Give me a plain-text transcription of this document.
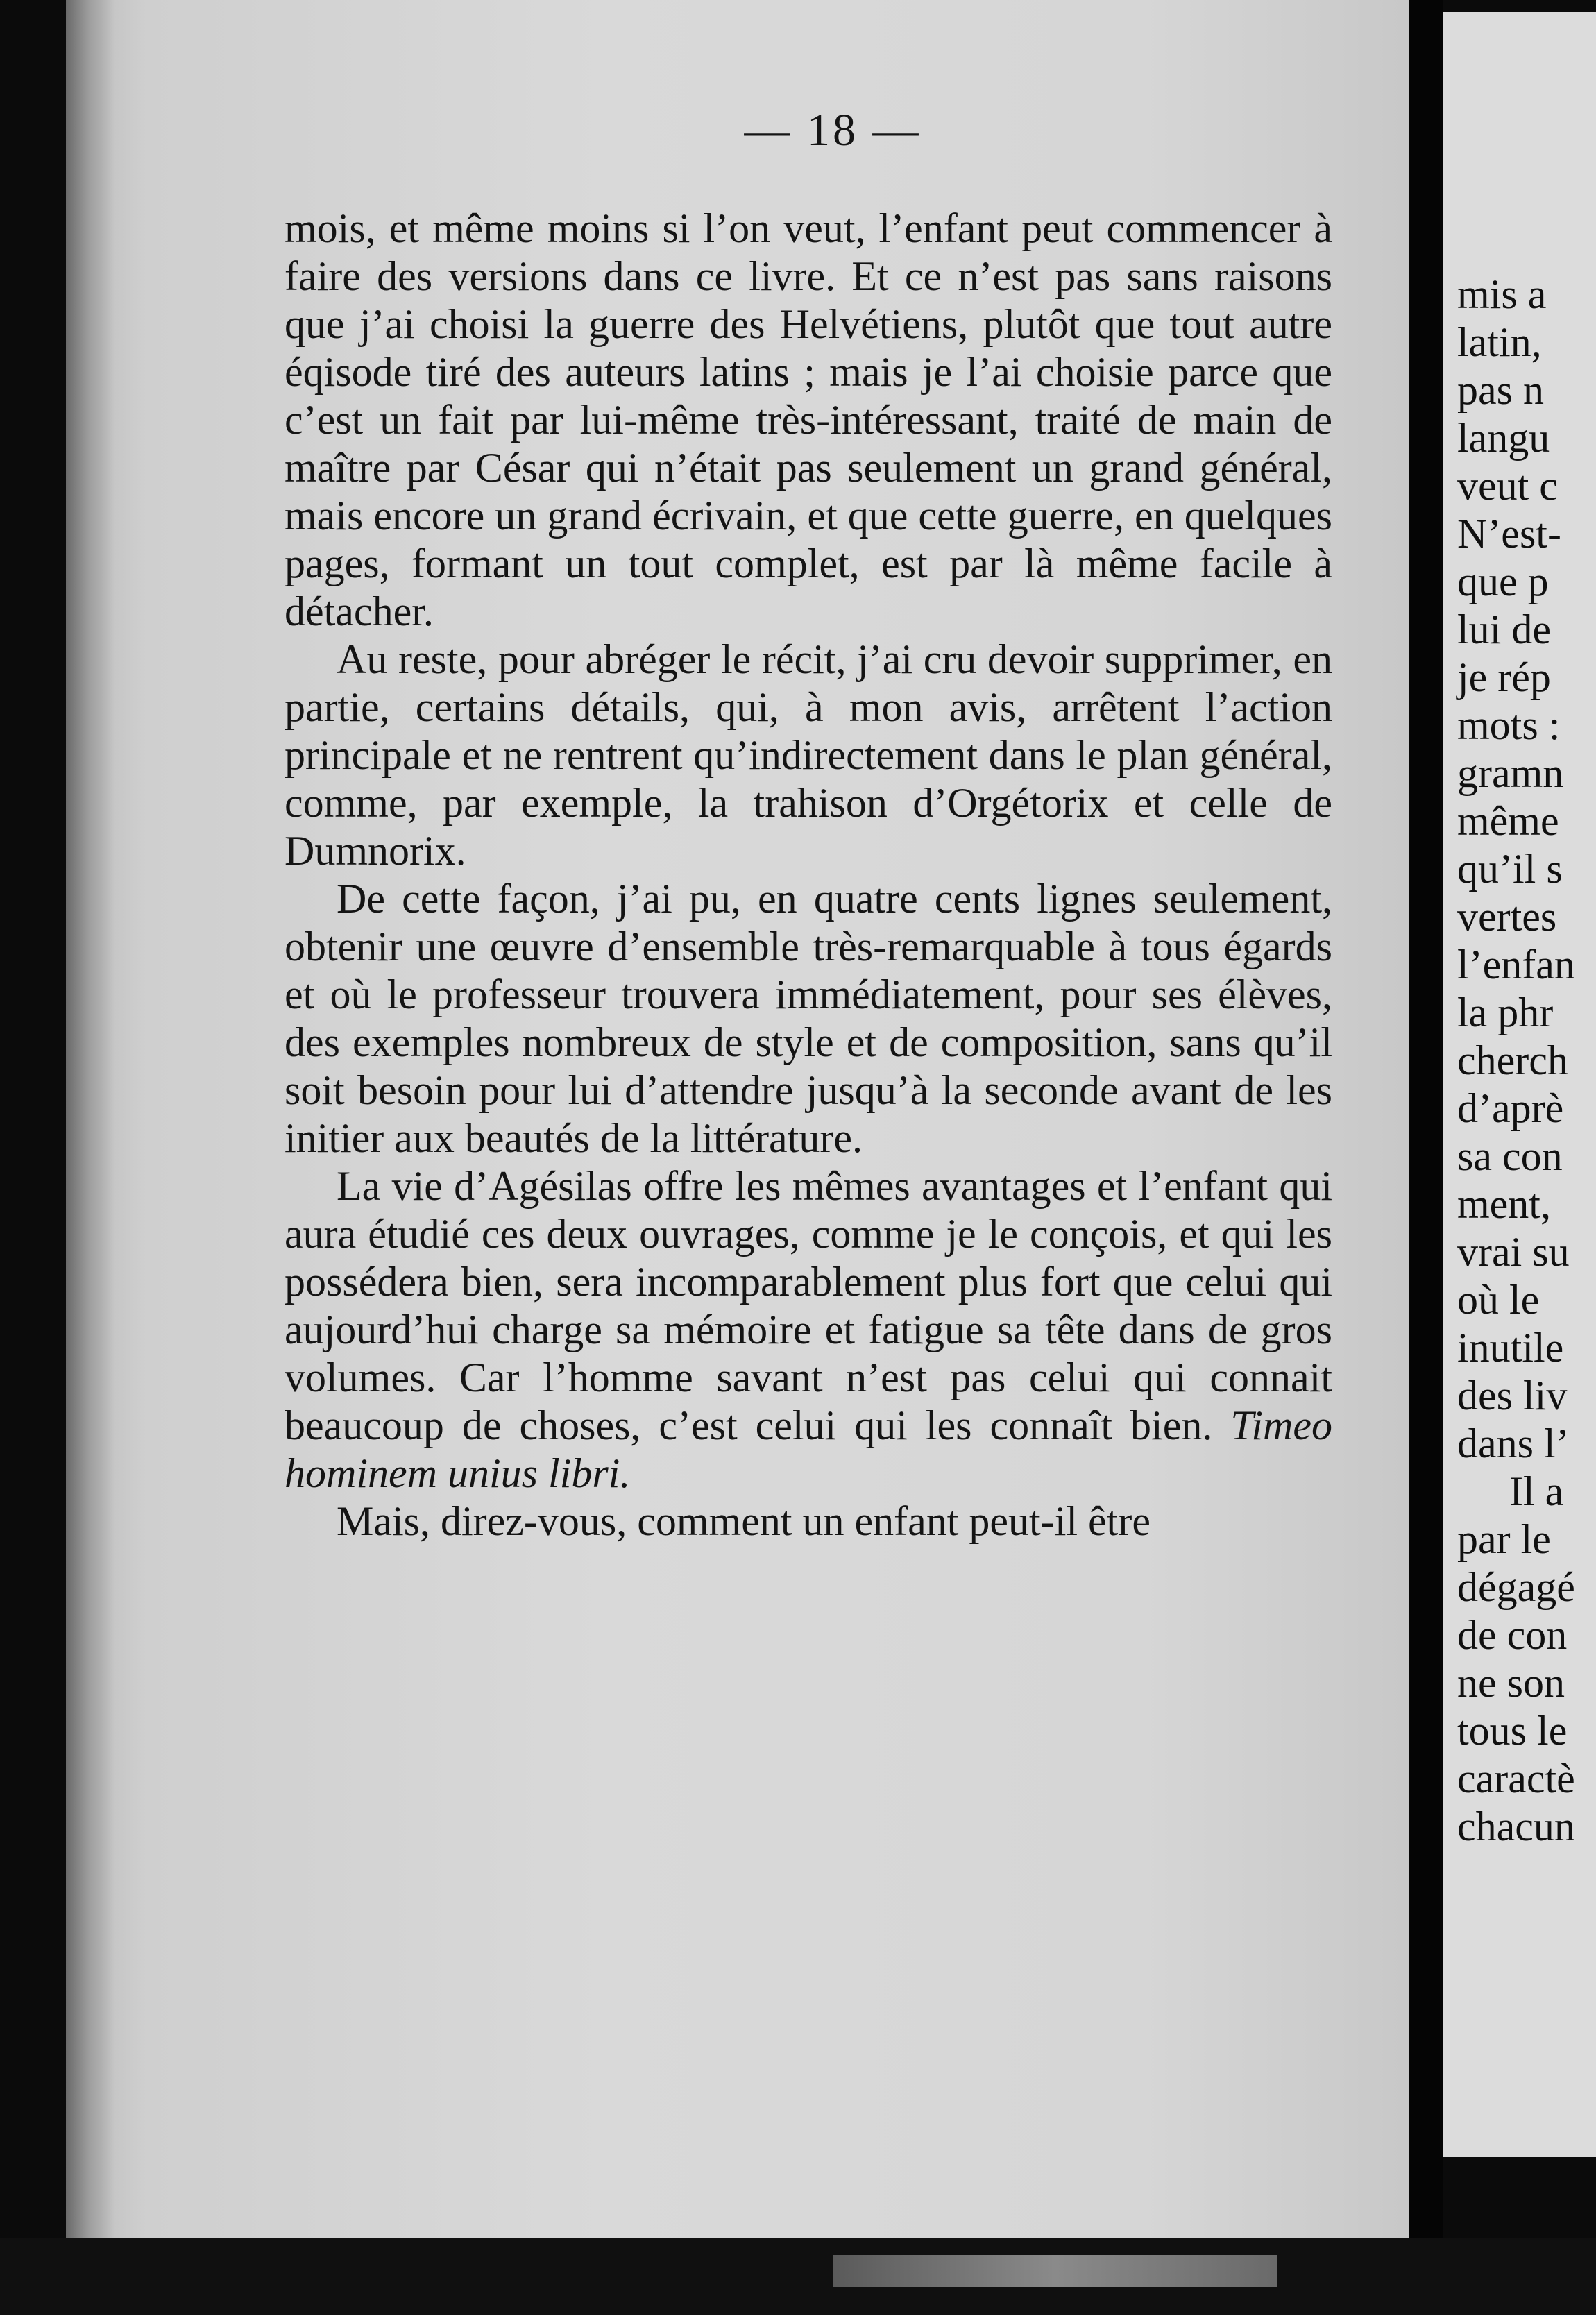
— 18 —

mois, et même moins si l’on veut, l’enfant peut commencer à faire des versions dans ce livre. Et ce n’est pas sans raisons que j’ai choisi la guerre des Helvétiens, plutôt que tout autre éqisode tiré des auteurs latins ; mais je l’ai choisie parce que c’est un fait par lui-même très-intéressant, traité de main de maître par César qui n’était pas seulement un grand général, mais encore un grand écrivain, et que cette guerre, en quelques pages, formant un tout complet, est par là même facile à détacher.

Au reste, pour abréger le récit, j’ai cru devoir supprimer, en partie, certains détails, qui, à mon avis, arrêtent l’action principale et ne rentrent qu’indirectement dans le plan général, comme, par exemple, la trahison d’Orgétorix et celle de Dumnorix.

De cette façon, j’ai pu, en quatre cents lignes seulement, obtenir une œuvre d’ensemble très-remarquable à tous égards et où le professeur trouvera immédiatement, pour ses élèves, des exemples nombreux de style et de composition, sans qu’il soit besoin pour lui d’attendre jusqu’à la seconde avant de les initier aux beautés de la littérature.

La vie d’Agésilas offre les mêmes avantages et l’enfant qui aura étudié ces deux ouvrages, comme je le conçois, et qui les possédera bien, sera incomparablement plus fort que celui qui aujourd’hui charge sa mémoire et fatigue sa tête dans de gros volumes. Car l’homme savant n’est pas celui qui connait beaucoup de choses, c’est celui qui les connaît bien. Timeo hominem unius libri.

Mais, direz-vous, comment un enfant peut-il être

mis a
latin,
pas n
langu
veut c
N’est-
que p
lui de
je rép
mots :
gramn
même
qu’il s
vertes
l’enfan
la phr
cherch
d’aprè
sa con
ment,
vrai su
où le
inutile
des liv
dans l’
Il a
par le
dégagé
de con
ne son
tous le
caractè
chacun
